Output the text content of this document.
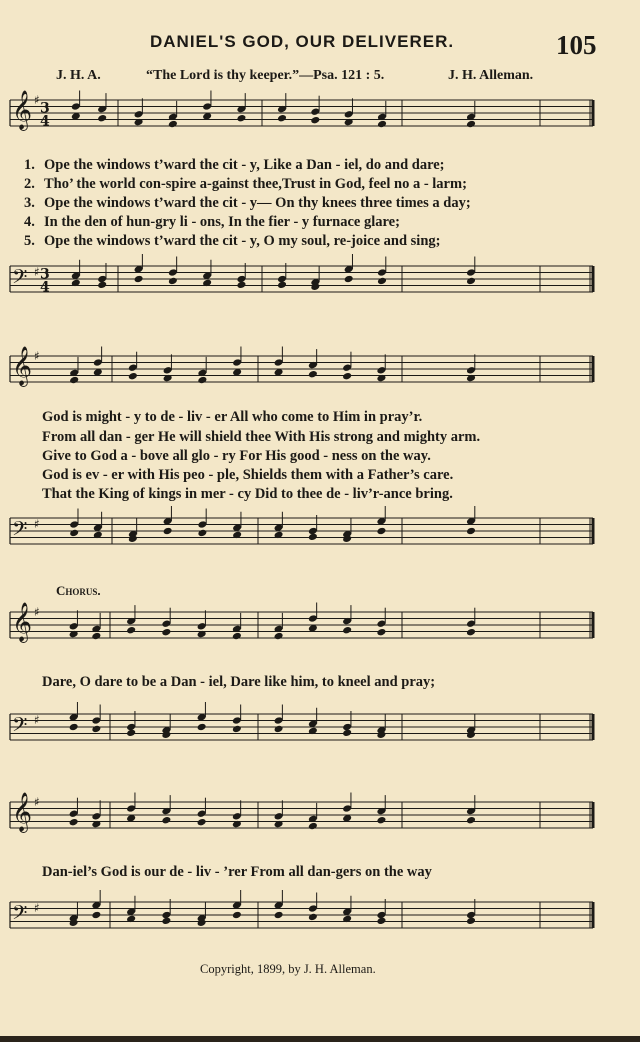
DANIEL'S GOD, OUR DELIVERER.	105
J. H. A.	“The Lord is thy keeper.”—Psa. 121 : 5.	J. H. Alleman.
𝄞 ♯
3
4
1. Ope the windows t’ward the cit - y, Like a Dan - iel, do and dare;
2. Tho’ the world con-spire a-gainst thee,Trust in God, feel no a - larm;
3. Ope the windows t’ward the cit - y— On thy knees three times a day;
4. In the den of hun-gry li - ons, In the fier - y furnace glare;
5. Ope the windows t’ward the cit - y, O my soul, re-joice and sing;
𝄢 ♯ 3
4
𝄞 ♯
God is might - y to de - liv - er All who come to Him in pray’r.
From all dan - ger He will shield thee With His strong and mighty arm.
Give to God a - bove all glo - ry For His good - ness on the way.
God is ev - er with His peo - ple, Shields them with a Father’s care.
That the King of kings in mer - cy Did to thee de - liv’r-ance bring.
𝄢 ♯
Chorus.
𝄞 ♯
Dare, O dare to be a Dan - iel, Dare like him, to kneel and pray;
𝄢 ♯
𝄞 ♯
Dan-iel’s God is our de - liv - ’rer From all dan-gers on the way
𝄢 ♯
Copyright, 1899, by J. H. Alleman.
